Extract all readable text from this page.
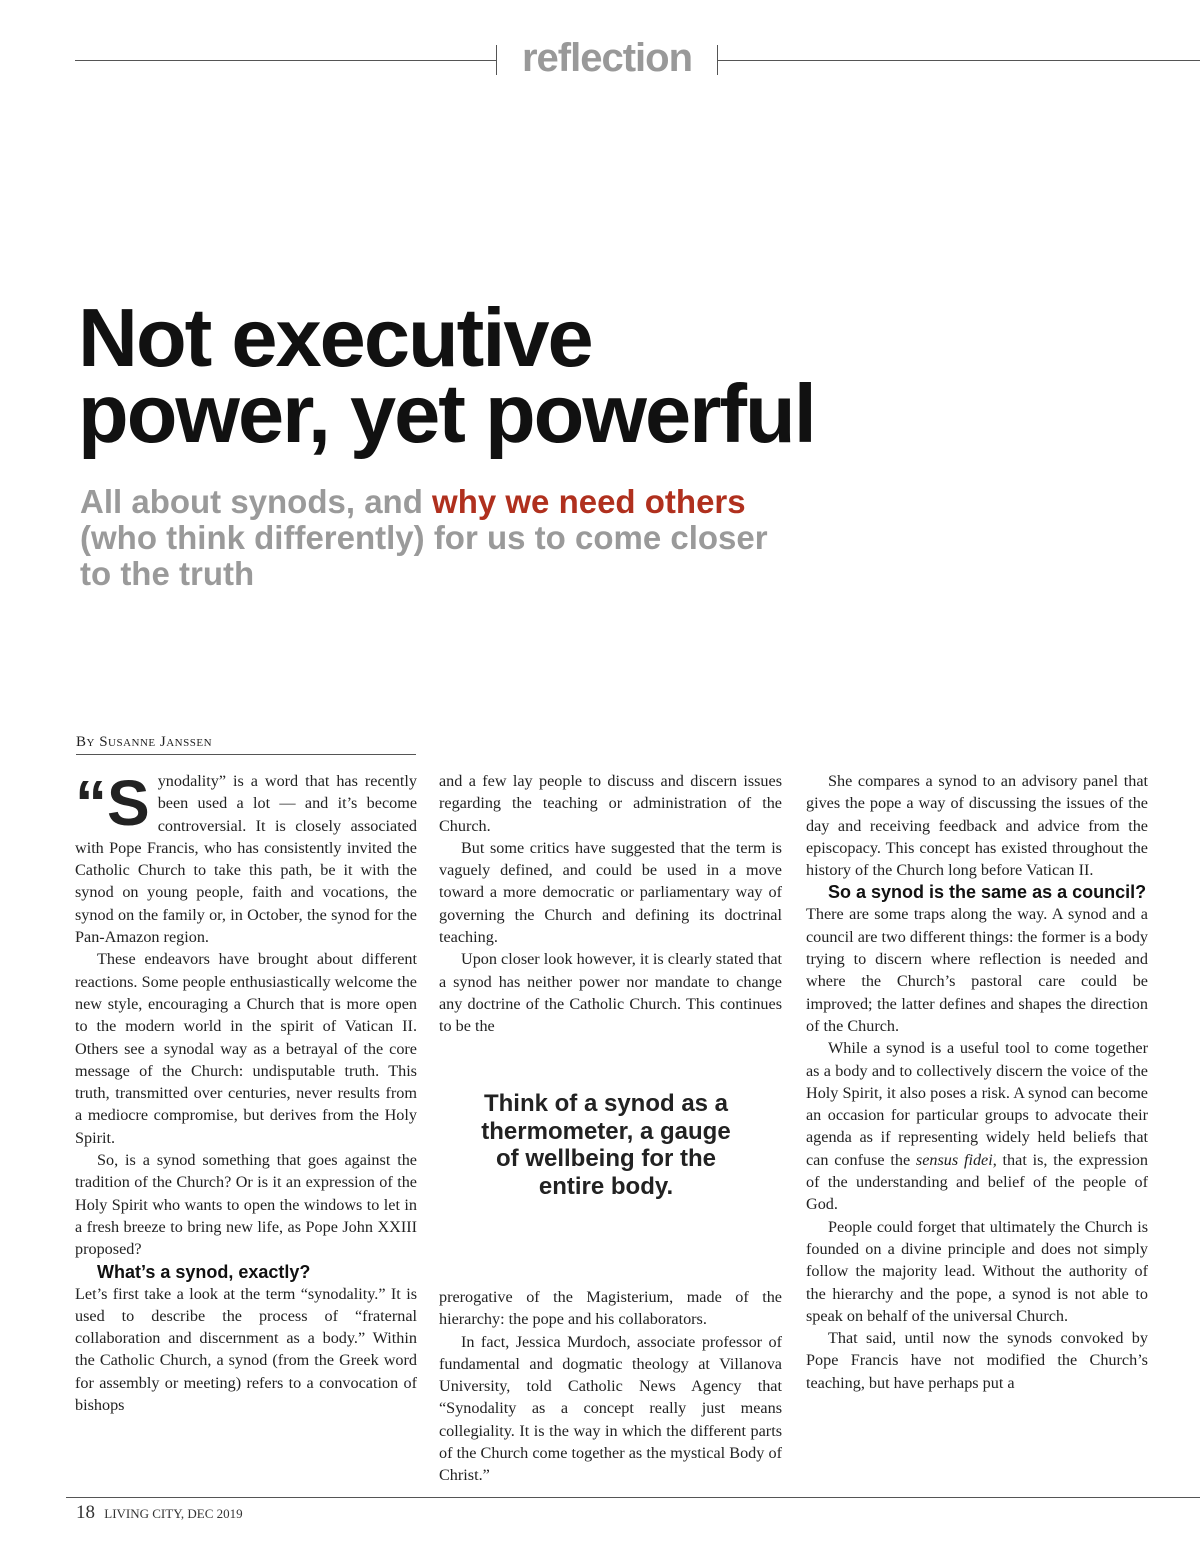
reflection
Not executive
power, yet powerful
All about synods, and why we need others (who think differently) for us to come closer to the truth
By Susanne Janssen

“S ynodality” is a word that has recently been used a lot — and it’s become controversial. It is closely associated with Pope Francis, who has consistently invited the Catholic Church to take this path, be it with the synod on young people, faith and vocations, the synod on the family or, in October, the synod for the Pan-Amazon region.

These endeavors have brought about different reactions. Some people enthusiastically welcome the new style, encouraging a Church that is more open to the modern world in the spirit of Vatican II. Others see a synodal way as a betrayal of the core message of the Church: undisputable truth. This truth, transmitted over centuries, never results from a mediocre compromise, but derives from the Holy Spirit.

So, is a synod something that goes against the tradition of the Church? Or is it an expression of the Holy Spirit who wants to open the windows to let in a fresh breeze to bring new life, as Pope John XXIII proposed?

What’s a synod, exactly?

Let’s first take a look at the term “synodality.” It is used to describe the process of “fraternal collaboration and discernment as a body.” Within the Catholic Church, a synod (from the Greek word for assembly or meeting) refers to a convocation of bishops

and a few lay people to discuss and discern issues regarding the teaching or administration of the Church.

But some critics have suggested that the term is vaguely defined, and could be used in a move toward a more democratic or parliamentary way of governing the Church and defining its doctrinal teaching.

Upon closer look however, it is clearly stated that a synod has neither power nor mandate to change any doctrine of the Catholic Church. This continues to be the

Think of a synod as a thermometer, a gauge of wellbeing for the entire body.

prerogative of the Magisterium, made of the hierarchy: the pope and his collaborators.

In fact, Jessica Murdoch, associate professor of fundamental and dogmatic theology at Villanova University, told Catholic News Agency that “Synodality as a concept really just means collegiality. It is the way in which the different parts of the Church come together as the mystical Body of Christ.”

She compares a synod to an advisory panel that gives the pope a way of discussing the issues of the day and receiving feedback and advice from the episcopacy. This concept has existed throughout the history of the Church long before Vatican II.

So a synod is the same as a council?

There are some traps along the way. A synod and a council are two different things: the former is a body trying to discern where reflection is needed and where the Church’s pastoral care could be improved; the latter defines and shapes the direction of the Church.

While a synod is a useful tool to come together as a body and to collectively discern the voice of the Holy Spirit, it also poses a risk. A synod can become an occasion for particular groups to advocate their agenda as if representing widely held beliefs that can confuse the sensus fidei, that is, the expression of the understanding and belief of the people of God.

People could forget that ultimately the Church is founded on a divine principle and does not simply follow the majority lead. Without the authority of the hierarchy and the pope, a synod is not able to speak on behalf of the universal Church.

That said, until now the synods convoked by Pope Francis have not modified the Church’s teaching, but have perhaps put a

18 LIVING CITY, DEC 2019
